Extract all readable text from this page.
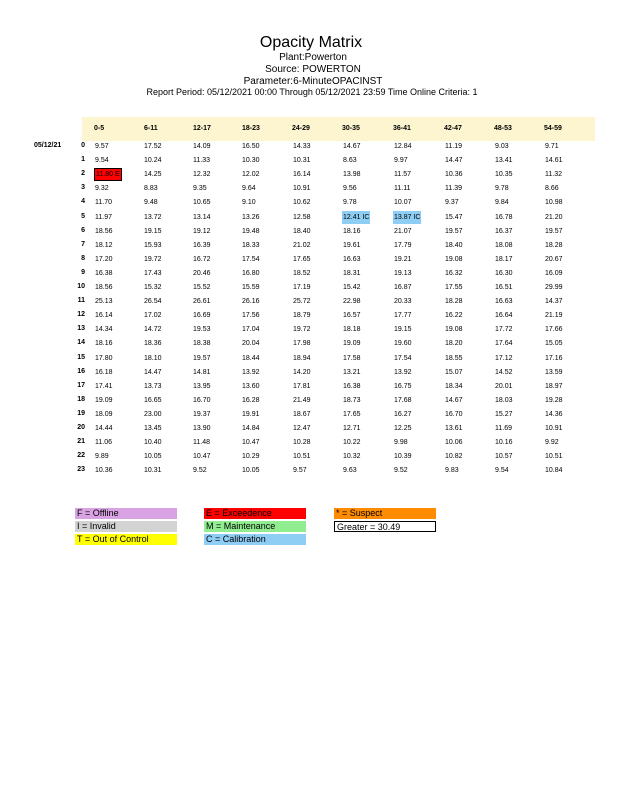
Opacity Matrix
Plant:Powerton
Source: POWERTON
Parameter:6-MinuteOPACINST
Report Period: 05/12/2021 00:00 Through 05/12/2021 23:59 Time Online Criteria: 1
0-5	6-11	12-17	18-23	24-29	30-35	36-41	42-47	48-53	54-59
05/12/21	0 9.57	17.52	14.09	16.50	14.33	14.67	12.84	11.19	9.03	9.71
1 9.54	10.24	11.33	10.30	10.31	8.63	9.97	14.47	13.41	14.61
2 11.80 E	14.25	12.32	12.02	16.14	13.98	11.57	10.36	10.35	11.32
3 9.32	8.83	9.35	9.64	10.91	9.56	11.11	11.39	9.78	8.66
4 11.70	9.48	10.65	9.10	10.62	9.78	10.07	9.37	9.84	10.98
5 11.97	13.72	13.14	13.26	12.58	12.41 IC	13.87 IC	15.47	16.78	21.20
6 18.56	19.15	19.12	19.48	18.40	18.16	21.07	19.57	16.37	19.57
7 18.12	15.93	16.39	18.33	21.02	19.61	17.79	18.40	18.08	18.28
8 17.20	19.72	16.72	17.54	17.65	16.63	19.21	19.08	18.17	20.67
9 16.38	17.43	20.46	16.80	18.52	18.31	19.13	16.32	16.30	16.09
10 18.56	15.32	15.52	15.59	17.19	15.42	16.87	17.55	16.51	29.99
11 25.13	26.54	26.61	26.16	25.72	22.98	20.33	18.28	16.63	14.37
12 16.14	17.02	16.69	17.56	18.79	16.57	17.77	16.22	16.64	21.19
13 14.34	14.72	19.53	17.04	19.72	18.18	19.15	19.08	17.72	17.66
14 18.16	18.36	18.38	20.04	17.98	19.09	19.60	18.20	17.64	15.05
15 17.80	18.10	19.57	18.44	18.94	17.58	17.54	18.55	17.12	17.16
16 16.18	14.47	14.81	13.92	14.20	13.21	13.92	15.07	14.52	13.59
17 17.41	13.73	13.95	13.60	17.81	16.38	16.75	18.34	20.01	18.97
18 19.09	16.65	16.70	16.28	21.49	18.73	17.68	14.67	18.03	19.28
19 18.09	23.00	19.37	19.91	18.67	17.65	16.27	16.70	15.27	14.36
20 14.44	13.45	13.90	14.84	12.47	12.71	12.25	13.61	11.69	10.91
21 11.06	10.40	11.48	10.47	10.28	10.22	9.98	10.06	10.16	9.92
22 9.89	10.05	10.47	10.29	10.51	10.32	10.39	10.82	10.57	10.51
23 10.36	10.31	9.52	10.05	9.57	9.63	9.52	9.83	9.54	10.84
F = Offline	E = Exceedence	* = Suspect
I = Invalid	M = Maintenance	Greater = 30.49
T = Out of Control	C = Calibration
